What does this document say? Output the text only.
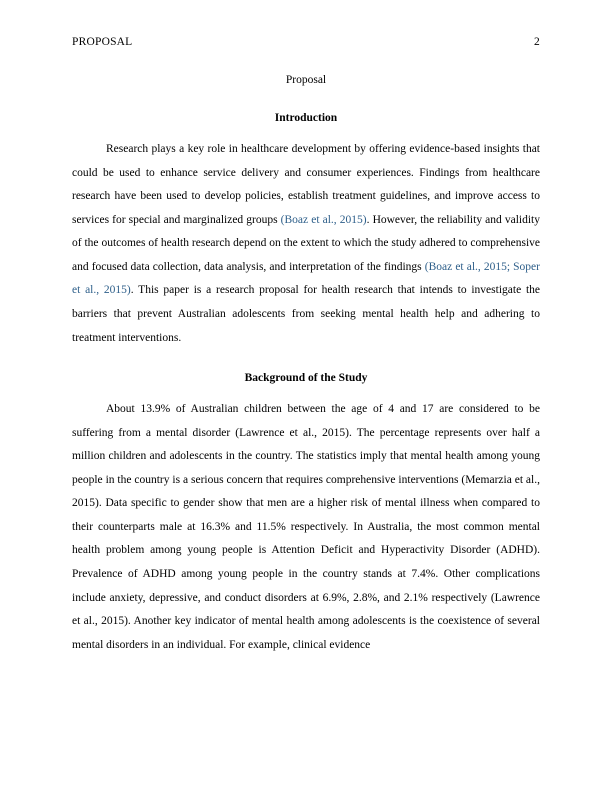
PROPOSAL	2
Proposal
Introduction

Research plays a key role in healthcare development by offering evidence-based insights that could be used to enhance service delivery and consumer experiences. Findings from healthcare research have been used to develop policies, establish treatment guidelines, and improve access to services for special and marginalized groups (Boaz et al., 2015). However, the reliability and validity of the outcomes of health research depend on the extent to which the study adhered to comprehensive and focused data collection, data analysis, and interpretation of the findings (Boaz et al., 2015; Soper et al., 2015). This paper is a research proposal for health research that intends to investigate the barriers that prevent Australian adolescents from seeking mental health help and adhering to treatment interventions.

Background of the Study

About 13.9% of Australian children between the age of 4 and 17 are considered to be suffering from a mental disorder (Lawrence et al., 2015). The percentage represents over half a million children and adolescents in the country. The statistics imply that mental health among young people in the country is a serious concern that requires comprehensive interventions (Memarzia et al., 2015). Data specific to gender show that men are a higher risk of mental illness when compared to their counterparts male at 16.3% and 11.5% respectively. In Australia, the most common mental health problem among young people is Attention Deficit and Hyperactivity Disorder (ADHD). Prevalence of ADHD among young people in the country stands at 7.4%. Other complications include anxiety, depressive, and conduct disorders at 6.9%, 2.8%, and 2.1% respectively (Lawrence et al., 2015). Another key indicator of mental health among adolescents is the coexistence of several mental disorders in an individual. For example, clinical evidence
